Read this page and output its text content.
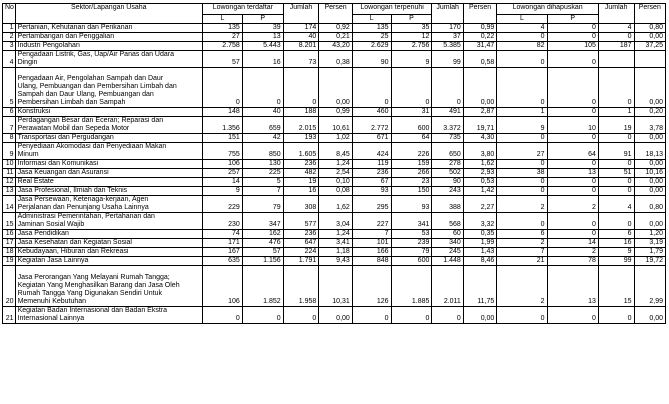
No	Sektor/Lapangan Usaha	Lowongan terdaftar		Jumlah	Persen	Lowongan terpenuhi		Jumlah	Persen	Lowongan dihapuskan		Jumlah	Persen
		L	P			L	P			L	P		
1	Pertanian, Kehutanan dan Perikanan	135	39	174	0,92	135	35	170	0,99	4	0	4	0,80
2	Pertambangan dan Penggalian	27	13	40	0,21	25	12	37	0,22	0	0	0	0,00
3	Industri Pengolahan	2.758	5.443	8.201	43,20	2.629	2.756	5.385	31,47	82	105	187	37,25
4	Pengadaan Listrik, Gas, Uap/Air Panas dan Udara
Dingin	57	16	73	0,38	90	9	99	0,58	0	0		
5	Pengadaan Air, Pengolahan Sampah dan Daur
Ulang, Pembuangan dan Pembersihan Limbah dan
Sampah dan Daur Ulang, Pembuangan dan
Pembersihan Limbah dan Sampah	0	0	0	0,00	0	0	0	0,00	0	0	0	0,00
6	Konstruksi	148	40	188	0,99	460	31	491	2,87	1	0	1	0,20
7	Perdagangan Besar dan Eceran; Reparasi dan
Perawatan Mobil dan Sepeda Motor	1.356	659	2.015	10,61	2.772	600	3.372	19,71	9	10	19	3,78
8	Transportasi dan Pergudangan	151	42	193	1,02	671	64	735	4,30	0	0	0	0,00
9	Penyediaan Akomodasi dan Penyediaan Makan
Minum	755	850	1.605	8,45	424	226	650	3,80	27	64	91	18,13
10	Informasi dan Komunikasi	106	130	236	1,24	119	159	278	1,62	0	0	0	0,00
11	Jasa Keuangan dan Asuransi	257	225	482	2,54	236	266	502	2,93	38	13	51	10,16
12	Real Estate	14	5	19	0,10	67	23	90	0,53	0	0	0	0,00
13	Jasa Profesional, Ilmiah dan Teknis	9	7	16	0,08	93	150	243	1,42	0	0	0	0,00
14	Jasa Persewaan, Ketenaga-kerjaan, Agen
Perjalanan dan Penunjang Usaha Lainnya	229	79	308	1,62	295	93	388	2,27	2	2	4	0,80
15	Administrasi Pemerintahan, Pertahanan dan
Jaminan Sosial Wajib	230	347	577	3,04	227	341	568	3,32	0	0	0	0,00
16	Jasa Pendidikan	74	162	236	1,24	7	53	60	0,35	6	0	6	1,20
17	Jasa Kesehatan dan Kegiatan Sosial	171	476	647	3,41	101	239	340	1,99	2	14	16	3,19
18	Kebudayaan, Hiburan dan Rekreasi	167	57	224	1,18	166	79	245	1,43	7	2	9	1,79
19	Kegiatan Jasa Lainnya	635	1.156	1.791	9,43	848	600	1.448	8,46	21	78	99	19,72
20	Jasa Perorangan Yang Melayani Rumah Tangga;
Kegiatan Yang Menghasilkan Barang dan Jasa Oleh
Rumah Tangga Yang Digunakan Sendiri Untuk
Memenuhi Kebutuhan	106	1.852	1.958	10,31	126	1.885	2.011	11,75	2	13	15	2,99
21	Kegiatan Badan Internasional dan Badan Ekstra
Internasional Lainnya	0	0	0	0,00	0	0	0	0,00	0	0	0	0,00
